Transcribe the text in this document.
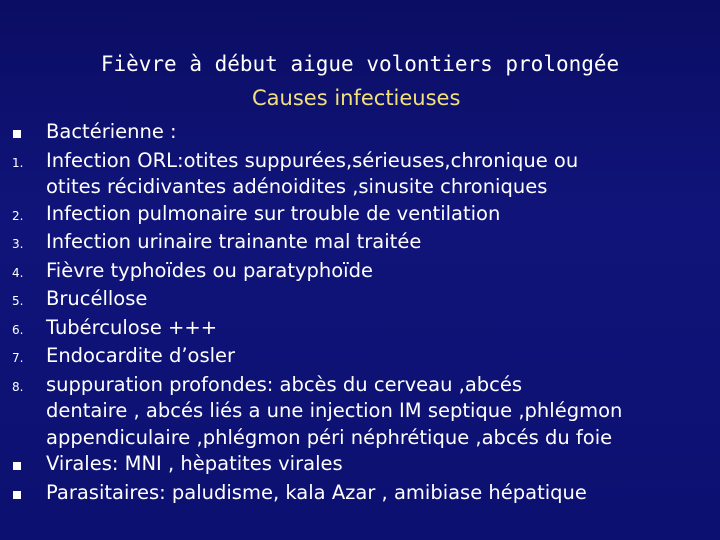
Fièvre à début aigue volontiers prolongée
Causes infectieuses
Bactérienne :
1.	Infection ORL:otites suppurées,sérieuses,chronique ou
otites récidivantes adénoidites ,sinusite chroniques
2.	Infection pulmonaire sur trouble de ventilation
3.	Infection urinaire trainante mal traitée
4.	Fièvre typhoïdes ou paratyphoïde
5.	Brucéllose
6.	Tubérculose +++
7.	Endocardite d’osler
8.	suppuration profondes: abcès du cerveau ,abcés
dentaire , abcés liés a une injection IM septique ,phlégmon
appendiculaire ,phlégmon péri néphrétique ,abcés du foie
Virales: MNI , hèpatites virales
Parasitaires: paludisme, kala Azar , amibiase hépatique
